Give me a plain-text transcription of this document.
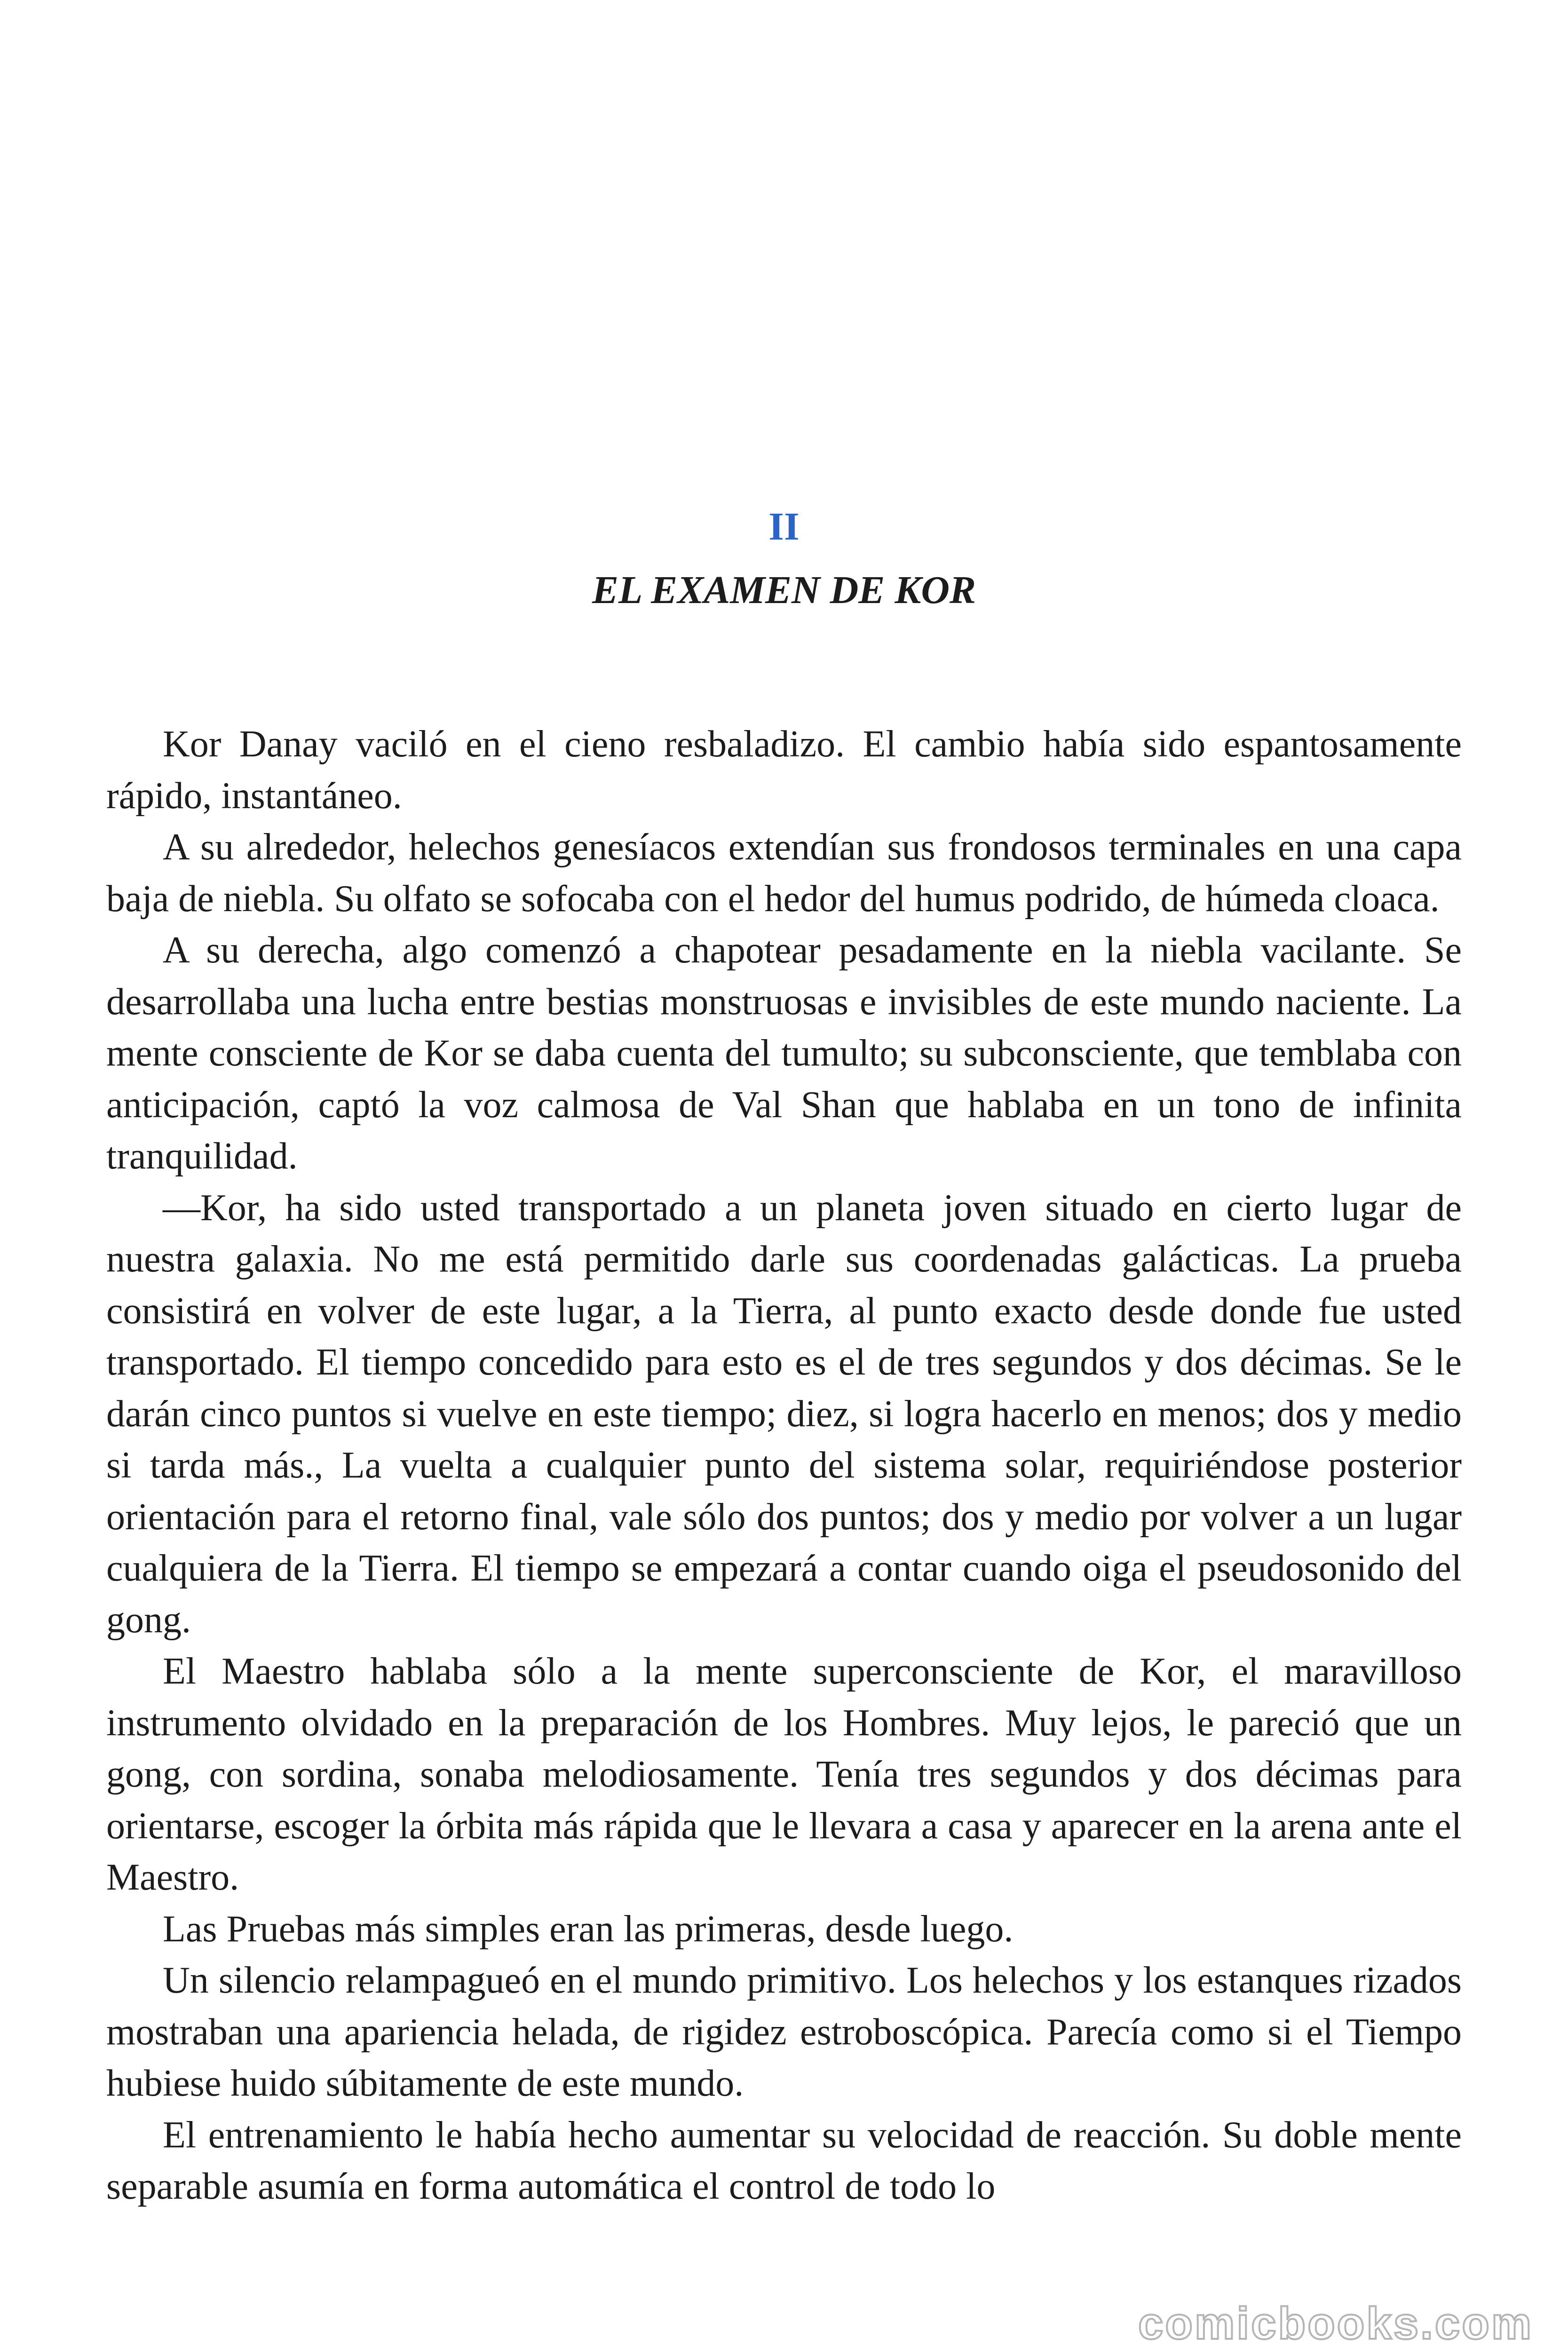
II
EL EXAMEN DE KOR

Kor Danay vaciló en el cieno resbaladizo. El cambio había sido espantosamente rápido, instantáneo.

A su alrededor, helechos genesíacos extendían sus frondosos terminales en una capa baja de niebla. Su olfato se sofocaba con el hedor del humus podrido, de húmeda cloaca.

A su derecha, algo comenzó a chapotear pesadamente en la niebla vacilante. Se desarrollaba una lucha entre bestias monstruosas e invisibles de este mundo naciente. La mente consciente de Kor se daba cuenta del tumulto; su subconsciente, que temblaba con anticipación, captó la voz calmosa de Val Shan que hablaba en un tono de infinita tranquilidad.

—Kor, ha sido usted transportado a un planeta joven situado en cierto lugar de nuestra galaxia. No me está permitido darle sus coordenadas galácticas. La prueba consistirá en volver de este lugar, a la Tierra, al punto exacto desde donde fue usted transportado. El tiempo concedido para esto es el de tres segundos y dos décimas. Se le darán cinco puntos si vuelve en este tiempo; diez, si logra hacerlo en menos; dos y medio si tarda más., La vuelta a cualquier punto del sistema solar, requiriéndose posterior orientación para el retorno final, vale sólo dos puntos; dos y medio por volver a un lugar cualquiera de la Tierra. El tiempo se empezará a contar cuando oiga el pseudosonido del gong.

El Maestro hablaba sólo a la mente superconsciente de Kor, el maravilloso instrumento olvidado en la preparación de los Hombres. Muy lejos, le pareció que un gong, con sordina, sonaba melodiosamente. Tenía tres segundos y dos décimas para orientarse, escoger la órbita más rápida que le llevara a casa y aparecer en la arena ante el Maestro.

Las Pruebas más simples eran las primeras, desde luego.

Un silencio relampagueó en el mundo primitivo. Los helechos y los estanques rizados mostraban una apariencia helada, de rigidez estroboscópica. Parecía como si el Tiempo hubiese huido súbitamente de este mundo.

El entrenamiento le había hecho aumentar su velocidad de reacción. Su doble mente separable asumía en forma automática el control de todo lo

comicbooks.com
